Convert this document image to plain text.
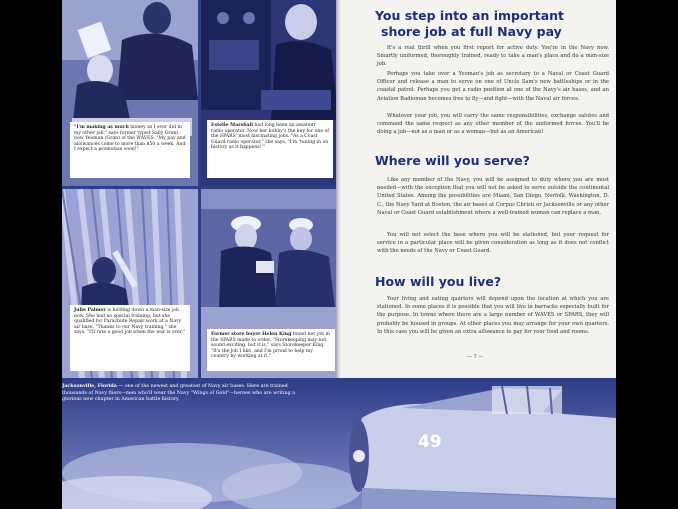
"I'm making as much money as I ever did in my other job," says former typist Sally Grant, now Yeoman (Gran) of the WAVES. "My pay and allowances come to more than $50 a week. And I expect a promotion soon!"
Estelle Marshall had long been an amateur radio operator. Now her hobby's the key for one of the SPARS' most fascinating jobs. "As a Coast Guard radio operator," she says, "I'm 'tuning in on history as it happens!'"
Julie Palmer is holding down a man-size job now. She had no special training, but she qualified for Parachute Repair work at a Navy air base. "Thanks to our Navy training," she says, "I'll rate a good job when the war is over."	Former store buyer Helen King found her job in the SPARS made to order. "Storekeeping may not sound exciting, but it is," says Storekeeper King. "It's the job I like, and I'm proud to help my country by working at it."
You step into an important
shore job at full Navy pay
It's a real thrill when you first report for active duty. You're in the Navy now. Smartly uniformed, thoroughly trained, ready to take a man's place and do a man-size job.
Perhaps you take over a Yeoman's job as secretary to a Naval or Coast Guard Officer and release a man to serve on one of Uncle Sam's new battleships or in the coastal patrol. Perhaps you get a radio position at one of the Navy's air bases, and an Aviation Radioman becomes free to fly—and fight—with the Naval air forces.
Whatever your job, you will carry the same responsibilities, exchange salutes and command the same respect as any other member of the uniformed forces. You'll be doing a job—not as a man or as a woman—but as an American!
Where will you serve?
Like any member of the Navy, you will be assigned to duty where you are most needed—with the exception that you will not be asked to serve outside the continental United States. Among the possibilities are Miami, San Diego, Norfolk, Washington, D. C., the Navy Yard at Boston, the air bases at Corpus Christi or Jacksonville or any other Naval or Coast Guard establishment where a well-trained woman can replace a man.
You will not select the base where you will be stationed, but your request for service in a particular place will be given consideration as long as it does not conflict with the needs of the Navy or Coast Guard.
How will you live?
Your living and eating quarters will depend upon the location at which you are stationed. In some places it is possible that you will live in barracks especially built for the purpose. In towns where there are a large number of WAVES or SPARS, they will probably be housed in groups. At other places you may arrange for your own quarters. In this case you will be given an extra allowance to pay for your food and rooms.
— 7 —
Jacksonville, Florida — one of the newest and greatest of Navy air bases. Here are trained thousands of Navy fliers—men who'll wear the Navy "Wings of Gold"—heroes who are writing a glorious new chapter in American battle history.
49
